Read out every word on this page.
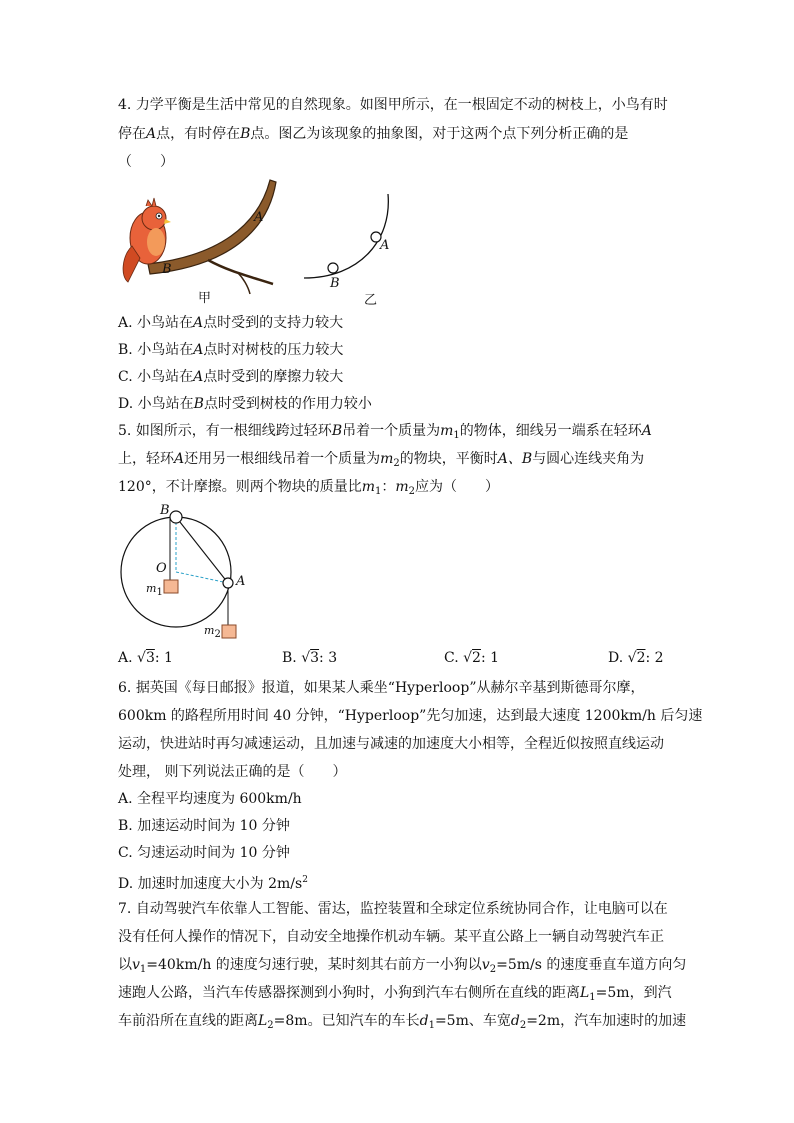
4. 力学平衡是生活中常见的自然现象。如图甲所示，在一根固定不动的树枝上，小鸟有时
停在A点，有时停在B点。图乙为该现象的抽象图，对于这两个点下列分析正确的是
（　　）
A
B
甲
A
B
乙
A. 小鸟站在A点时受到的支持力较大
B. 小鸟站在A点时对树枝的压力较大
C. 小鸟站在A点时受到的摩擦力较大
D. 小鸟站在B点时受到树枝的作用力较小
5. 如图所示，有一根细线跨过轻环B吊着一个质量为$m_1$的物体，细线另一端系在轻环A
上，轻环A还用另一根细线吊着一个质量为$m_2$的物块，平衡时A、B与圆心连线夹角为
120°，不计摩擦。则两个物块的质量比$m_1$：$m_2$应为（　　）
B
O
A
m1
m2
A. √3: 1	B. √3: 3	C. √2: 1	D. √2: 2
6. 据英国《每日邮报》报道，如果某人乘坐“Hyperloop”从赫尔辛基到斯德哥尔摩，
600km 的路程所用时间 40 分钟，“Hyperloop”先匀加速，达到最大速度 1200km/h 后匀速
运动，快进站时再匀减速运动，且加速与减速的加速度大小相等，全程近似按照直线运动
处理， 则下列说法正确的是（　　）
A. 全程平均速度为 600km/h
B. 加速运动时间为 10 分钟
C. 匀速运动时间为 10 分钟
D. 加速时加速度大小为 $2m/s^2$
7. 自动驾驶汽车依靠人工智能、雷达，监控装置和全球定位系统协同合作，让电脑可以在
没有任何人操作的情况下，自动安全地操作机动车辆。某平直公路上一辆自动驾驶汽车正
以$v_1=40km/h$ 的速度匀速行驶，某时刻其右前方一小狗以$v_2=5m/s$ 的速度垂直车道方向匀
速跑人公路，当汽车传感器探测到小狗时，小狗到汽车右侧所在直线的距离$L_1=5m$，到汽
车前沿所在直线的距离$L_2=8m$。已知汽车的车长$d_1=5m$、车宽$d_2=2m$，汽车加速时的加速
